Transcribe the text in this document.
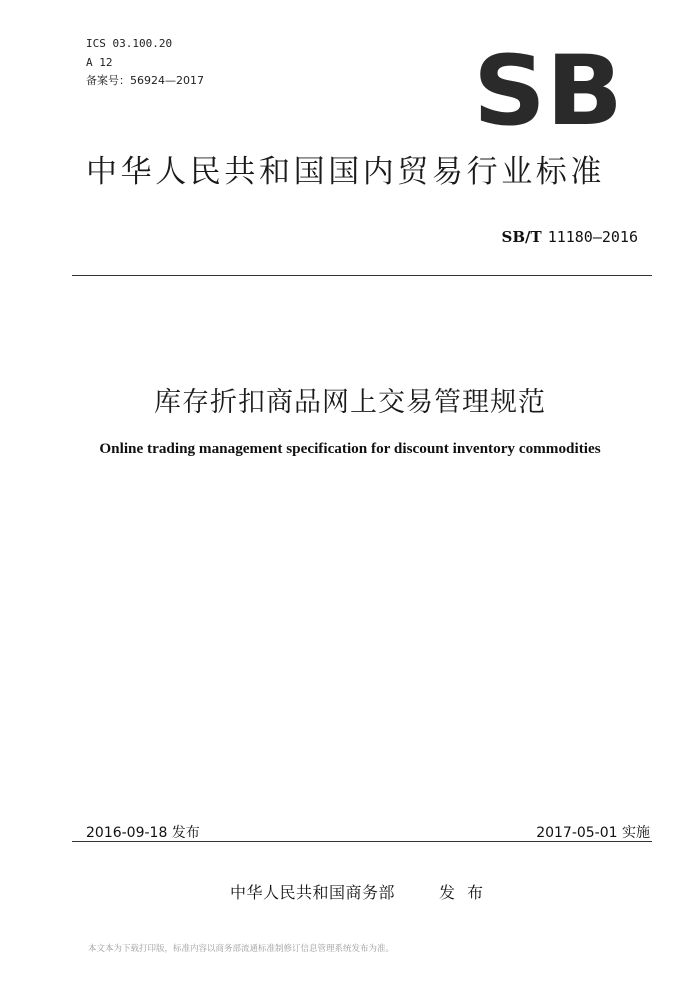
ICS 03.100.20
A 12
备案号：56924—2017	SB
中华人民共和国国内贸易行业标准
SB/T 11180—2016
库存折扣商品网上交易管理规范
Online trading management specification for discount inventory commodities
2016-09-18 发布	2017-05-01 实施
中华人民共和国商务部	发布
本文本为下载打印版，标准内容以商务部流通标准制修订信息管理系统发布为准。
